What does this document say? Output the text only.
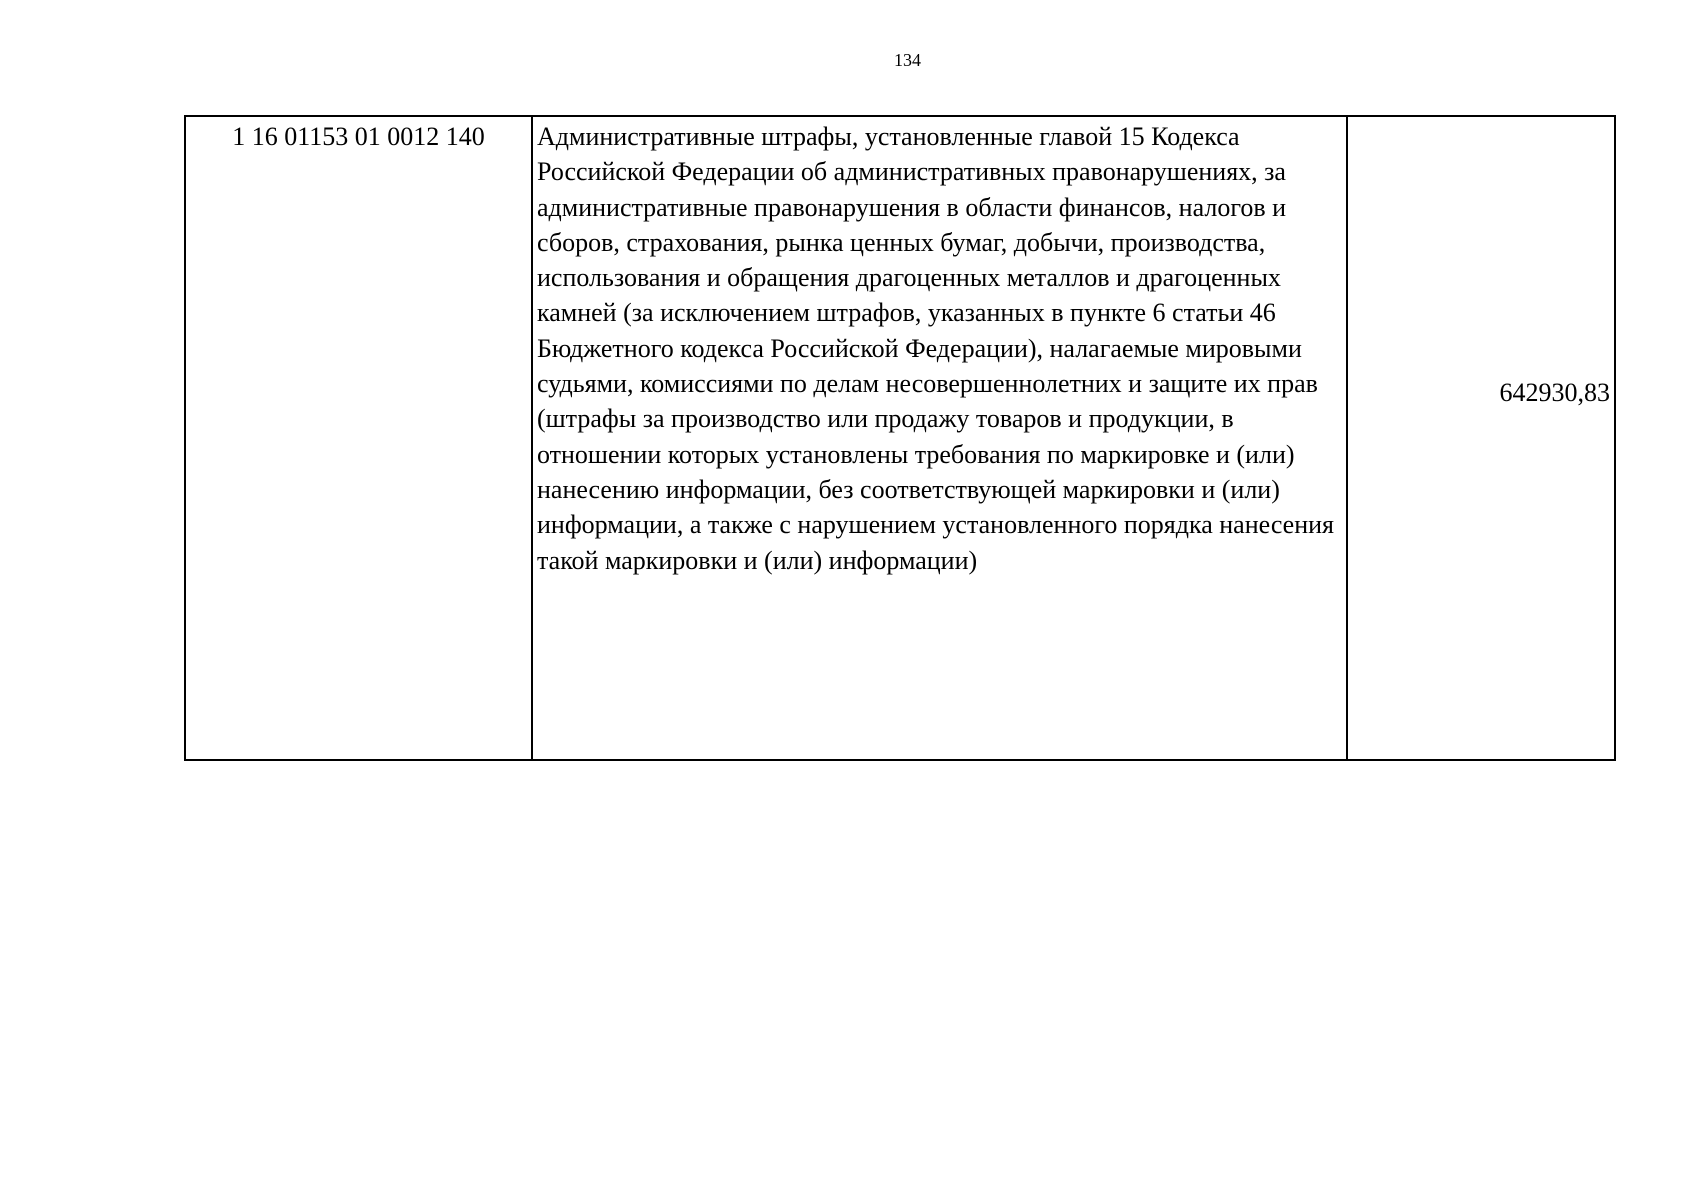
134
1 16 01153 01 0012 140	Административные штрафы, установленные главой 15 Кодекса Российской Федерации об административных правонарушениях, за административные правонарушения в области финансов, налогов и сборов, страхования, рынка ценных бумаг, добычи, производства, использования и обращения драгоценных металлов и драгоценных камней (за исключением штрафов, указанных в пункте 6 статьи 46 Бюджетного кодекса Российской Федерации), налагаемые мировыми судьями, комиссиями по делам несовершеннолетних и защите их прав (штрафы за производство или продажу товаров и продукции, в отношении которых установлены требования по маркировке и (или) нанесению информации, без соответствующей маркировки и (или) информации, а также с нарушением установленного порядка нанесения такой маркировки и (или) информации)	642930,83
